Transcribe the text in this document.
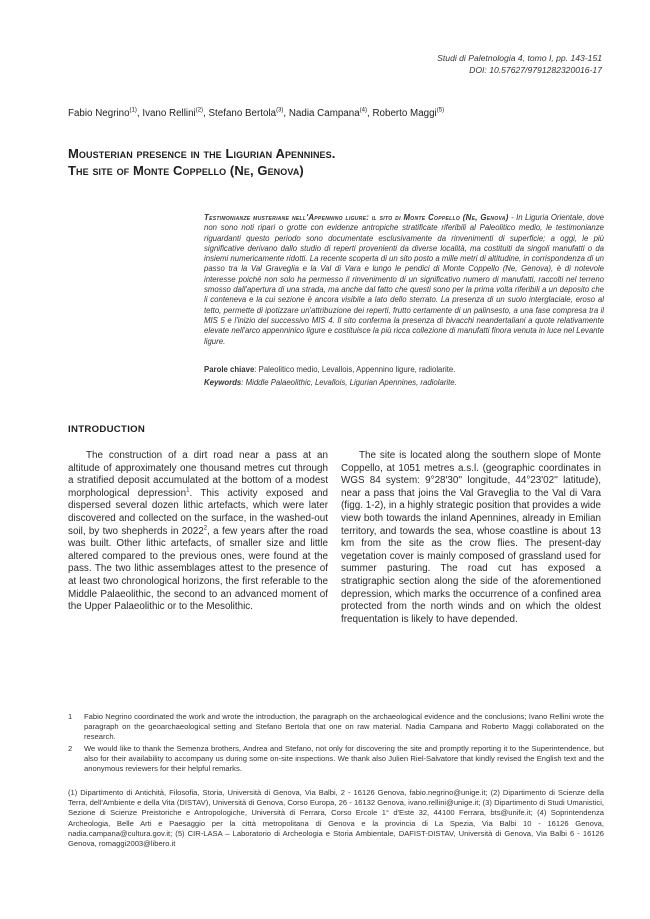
Studi di Paletnologia 4, tomo I, pp. 143-151
DOI: 10.57627/9791282320016-17
Fabio Negrino$^{(1)}$, Ivano Rellini$^{(2)}$, Stefano Bertola$^{(3)}$, Nadia Campana$^{(4)}$, Roberto Maggi$^{(5)}$
Mousterian presence in the Ligurian Apennines.
The site of Monte Coppello (Ne, Genova)
Testimonianze musteriane nell'Appennino ligure: il sito di Monte Coppello (Ne, Genova) - In Liguria Orientale, dove non sono noti ripari o grotte con evidenze antropiche stratificate riferibili al Paleolitico medio, le testimonianze riguardanti questo periodo sono documentate esclusivamente da rinvenimenti di superficie; a oggi, le più significative derivano dallo studio di reperti provenienti da diverse località, ma costituiti da singoli manufatti o da insiemi numericamente ridotti. La recente scoperta di un sito posto a mille metri di altitudine, in corrispondenza di un passo tra la Val Graveglia e la Val di Vara e lungo le pendici di Monte Coppello (Ne, Genova), è di notevole interesse poiché non solo ha permesso il rinvenimento di un significativo numero di manufatti, raccolti nel terreno smosso dall'apertura di una strada, ma anche dal fatto che questi sono per la prima volta riferibili a un deposito che li conteneva e la cui sezione è ancora visibile a lato dello sterrato. La presenza di un suolo interglaciale, eroso al tetto, permette di ipotizzare un'attribuzione dei reperti, frutto certamente di un palinsesto, a una fase compresa tra il MIS 5 e l'inizio del successivo MIS 4. Il sito conferma la presenza di bivacchi neandertaliani a quote relativamente elevate nell'arco appenninico ligure e costituisce la più ricca collezione di manufatti finora venuta in luce nel Levante ligure.
Parole chiave: Paleolitico medio, Levallois, Appennino ligure, radiolarite.
Keywords: Middle Palaeolithic, Levallois, Ligurian Apennines, radiolarite.
INTRODUCTION
The construction of a dirt road near a pass at an altitude of approximately one thousand metres cut through a stratified deposit accumulated at the bottom of a modest morphological depression$^1$. This activity exposed and dispersed several dozen lithic artefacts, which were later discovered and collected on the surface, in the washed-out soil, by two shepherds in 2022$^2$, a few years after the road was built. Other lithic artefacts, of smaller size and little altered compared to the previous ones, were found at the pass. The two lithic assemblages attest to the presence of at least two chronological horizons, the first referable to the Middle Palaeolithic, the second to an advanced moment of the Upper Palaeolithic or to the Mesolithic.
The site is located along the southern slope of Monte Coppello, at 1051 metres a.s.l. (geographic coordinates in WGS 84 system: 9°28'30'' longitude, 44°23'02'' latitude), near a pass that joins the Val Graveglia to the Val di Vara (figg. 1-2), in a highly strategic position that provides a wide view both towards the inland Apennines, already in Emilian territory, and towards the sea, whose coastline is about 13 km from the site as the crow flies. The present-day vegetation cover is mainly composed of grassland used for summer pasturing. The road cut has exposed a stratigraphic section along the side of the aforementioned depression, which marks the occurrence of a confined area protected from the north winds and on which the oldest frequentation is likely to have depended.
1	Fabio Negrino coordinated the work and wrote the introduction, the paragraph on the archaeological evidence and the conclusions; Ivano Rellini wrote the paragraph on the geoarchaeological setting and Stefano Bertola that one on raw material. Nadia Campana and Roberto Maggi collaborated on the research.
2	We would like to thank the Semenza brothers, Andrea and Stefano, not only for discovering the site and promptly reporting it to the Superintendence, but also for their availability to accompany us during some on-site inspections. We thank also Julien Riel-Salvatore that kindly revised the English text and the anonymous reviewers for their helpful remarks.
(1) Dipartimento di Antichità, Filosofia, Storia, Università di Genova, Via Balbi, 2 - 16126 Genova, fabio.negrino@unige.it; (2) Dipartimento di Scienze della Terra, dell'Ambiente e della Vita (DISTAV), Università di Genova, Corso Europa, 26 - 16132 Genova, ivano.rellini@unige.it; (3) Dipartimento di Studi Umanistici, Sezione di Scienze Preistoriche e Antropologiche, Università di Ferrara, Corso Ercole 1° d'Este 32, 44100 Ferrara, bts@unife.it; (4) Soprintendenza Archeologia, Belle Arti e Paesaggio per la città metropolitana di Genova e la provincia di La Spezia, Via Balbi 10 - 16126 Genova, nadia.campana@cultura.gov.it; (5) CIR-LASA – Laboratorio di Archeologia e Storia Ambientale, DAFIST-DISTAV, Università di Genova, Via Balbi 6 - 16126 Genova, romaggi2003@libero.it
